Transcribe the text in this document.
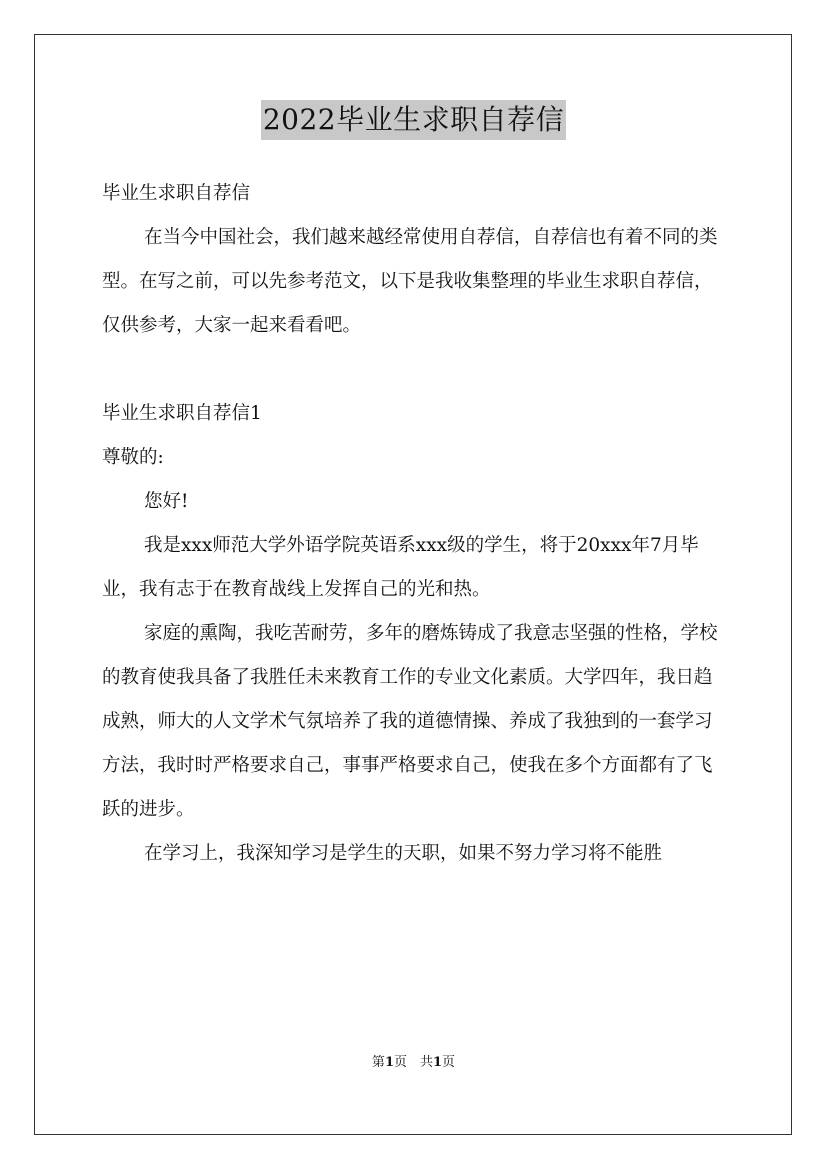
2022毕业生求职自荐信
毕业生求职自荐信
在当今中国社会，我们越来越经常使用自荐信，自荐信也有着不同的类型。在写之前，可以先参考范文，以下是我收集整理的毕业生求职自荐信，仅供参考，大家一起来看看吧。
毕业生求职自荐信1
尊敬的:
您好!
我是xxx师范大学外语学院英语系xxx级的学生，将于20xxx年7月毕业，我有志于在教育战线上发挥自己的光和热。
家庭的熏陶，我吃苦耐劳，多年的磨炼铸成了我意志坚强的性格，学校的教育使我具备了我胜任未来教育工作的专业文化素质。大学四年，我日趋成熟，师大的人文学术气氛培养了我的道德情操、养成了我独到的一套学习方法，我时时严格要求自己，事事严格要求自己，使我在多个方面都有了飞跃的进步。
在学习上，我深知学习是学生的天职，如果不努力学习将不能胜
第1页　共1页
